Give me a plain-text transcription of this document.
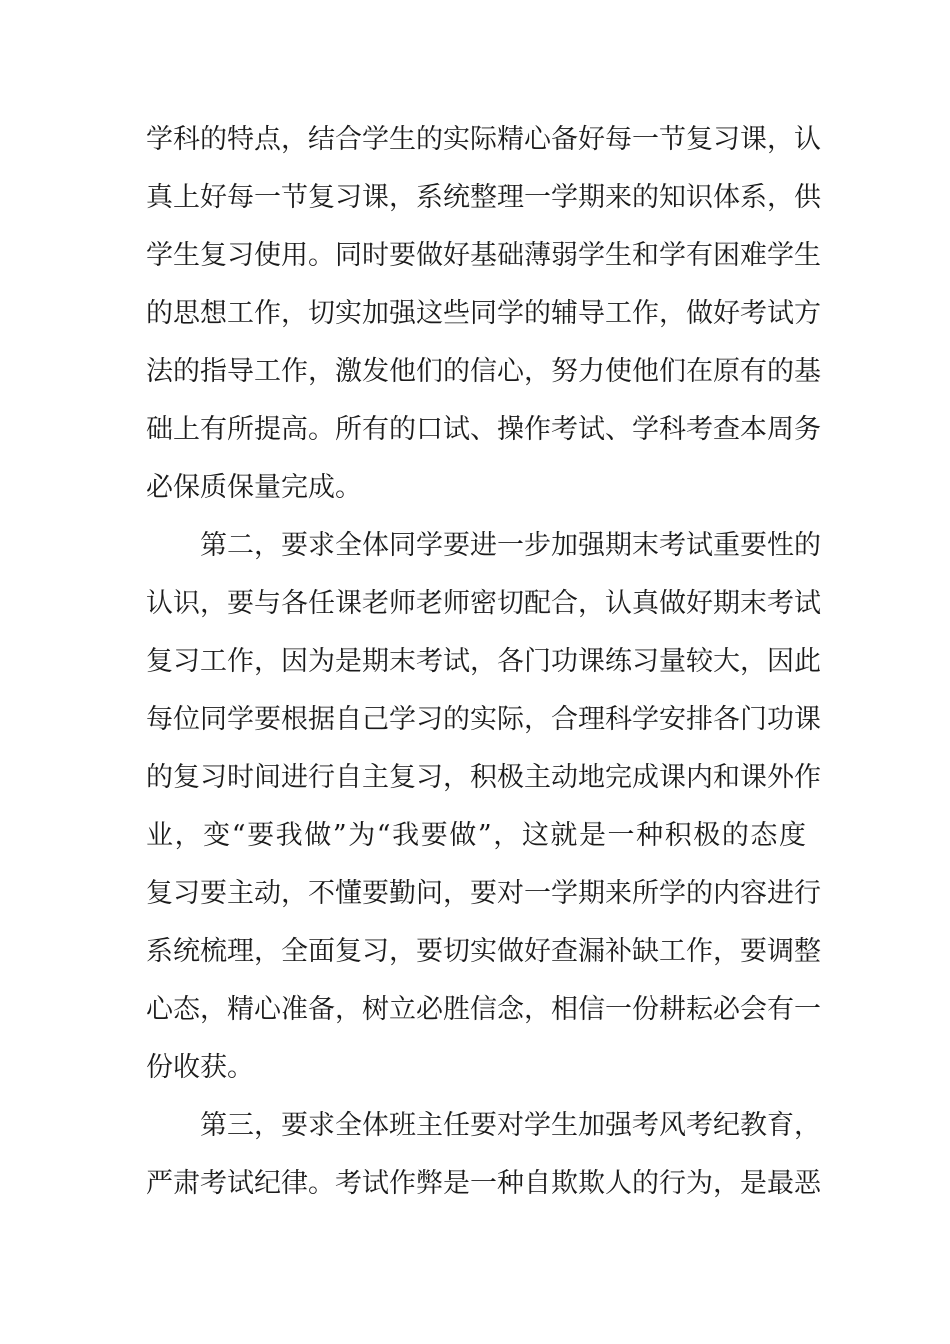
学科的特点，结合学生的实际精心备好每一节复习课，认
真上好每一节复习课，系统整理一学期来的知识体系，供
学生复习使用。同时要做好基础薄弱学生和学有困难学生
的思想工作，切实加强这些同学的辅导工作，做好考试方
法的指导工作，激发他们的信心，努力使他们在原有的基
础上有所提高。所有的口试、操作考试、学科考查本周务
必保质保量完成。
第二，要求全体同学要进一步加强期末考试重要性的
认识，要与各任课老师老师密切配合，认真做好期末考试
复习工作，因为是期末考试，各门功课练习量较大，因此
每位同学要根据自己学习的实际，合理科学安排各门功课
的复习时间进行自主复习，积极主动地完成课内和课外作
业，变“要我做”为“我要做”，这就是一种积极的态度
复习要主动，不懂要勤问，要对一学期来所学的内容进行
系统梳理，全面复习，要切实做好查漏补缺工作，要调整
心态，精心准备，树立必胜信念，相信一份耕耘必会有一
份收获。
第三，要求全体班主任要对学生加强考风考纪教育，
严肃考试纪律。考试作弊是一种自欺欺人的行为，是最恶
